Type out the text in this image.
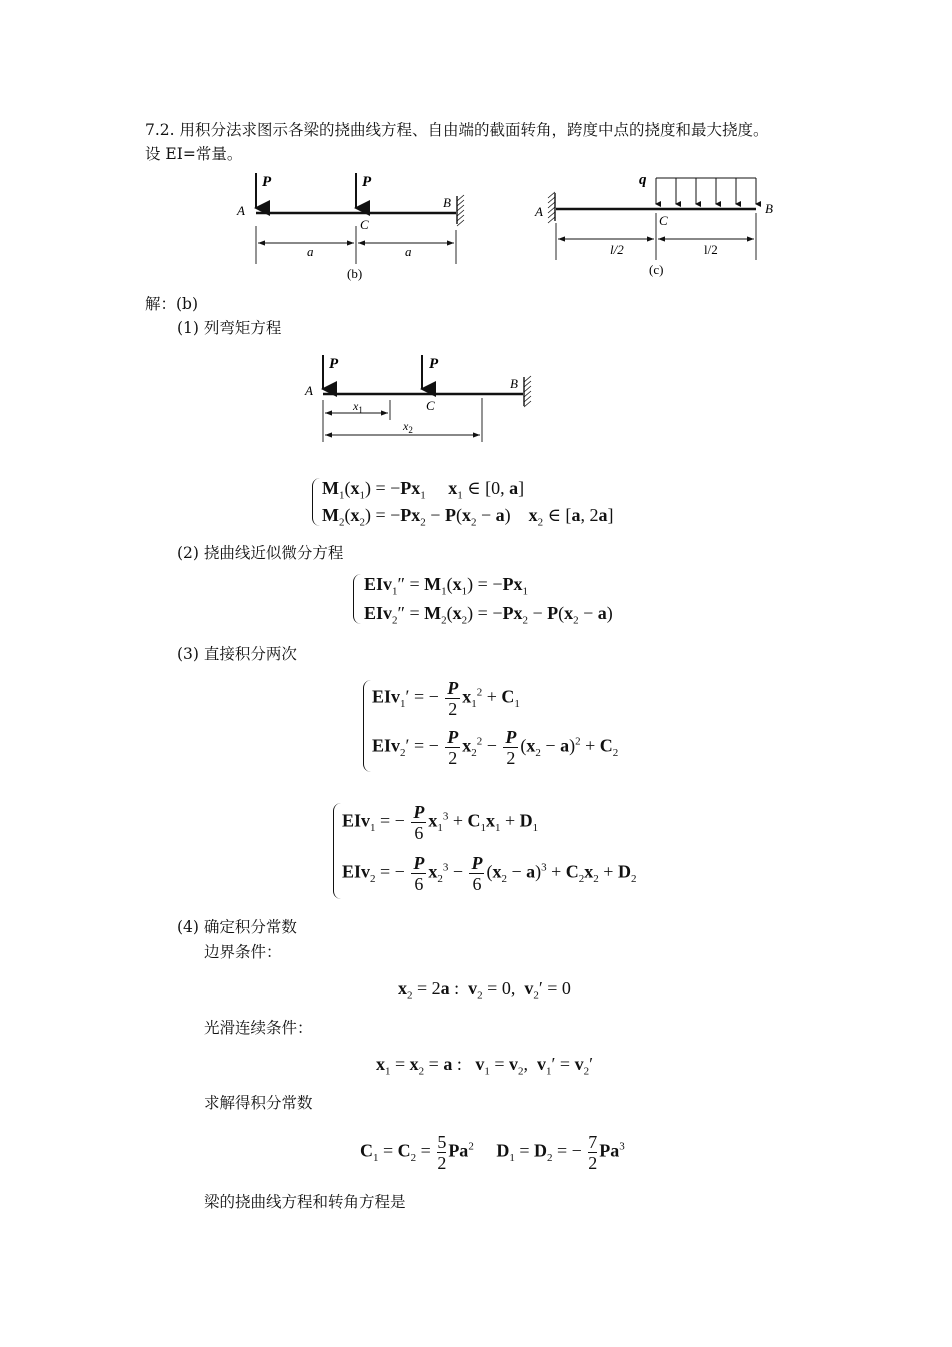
7.2. 用积分法求图示各梁的挠曲线方程、自由端的截面转角，跨度中点的挠度和最大挠度。
设 EI=常量。
P	P
A
B
C
a	a
(b)
q
A	B
C
l/2	l/2
(c)
解：(b)
(1) 列弯矩方程
P	P
A	B
C
$x_1$
$x_2$
$M_1(x_1) = -Px_1$ $x_1$ ∈ [0, a]
$M_2(x_2) = -Px_2 - P(x_2 - a)$    $x_2$ ∈ [a, 2a]
(2) 挠曲线近似微分方程
$EIv_1'' = M_1(x_1) = -Px_1$
$EIv_2'' = M_2(x_2) = -Px_2 - P(x_2 - a)$
(3) 直接积分两次
EIv$_1$′ = − $\frac{P}{2} x_1^2 + C_1$
EIv$_2$′ = − $\frac{P}{2} x_2^2 - \frac{P}{2} (x_2 - a)^2 + C_2$
EIv$_1$ = − $\frac{P}{6} x_1^3 + C_1x_1 + D_1$
EIv$_2$ = − $\frac{P}{6} x_2^3 - \frac{P}{6} (x_2 - a)^3 + C_2x_2 + D_2$
(4) 确定积分常数
边界条件：
$x_2 = 2a$ :  $v_2 = 0$,  $v_2' = 0$
光滑连续条件：
$x_1 = x_2 = a$ :   $v_1 = v_2$,  $v_1' = v_2'$
求解得积分常数
$C_1 = C_2 = \frac{5}{2} Pa^2$ $D_1 = D_2$ = − $\frac{7}{2} Pa^3$
梁的挠曲线方程和转角方程是
